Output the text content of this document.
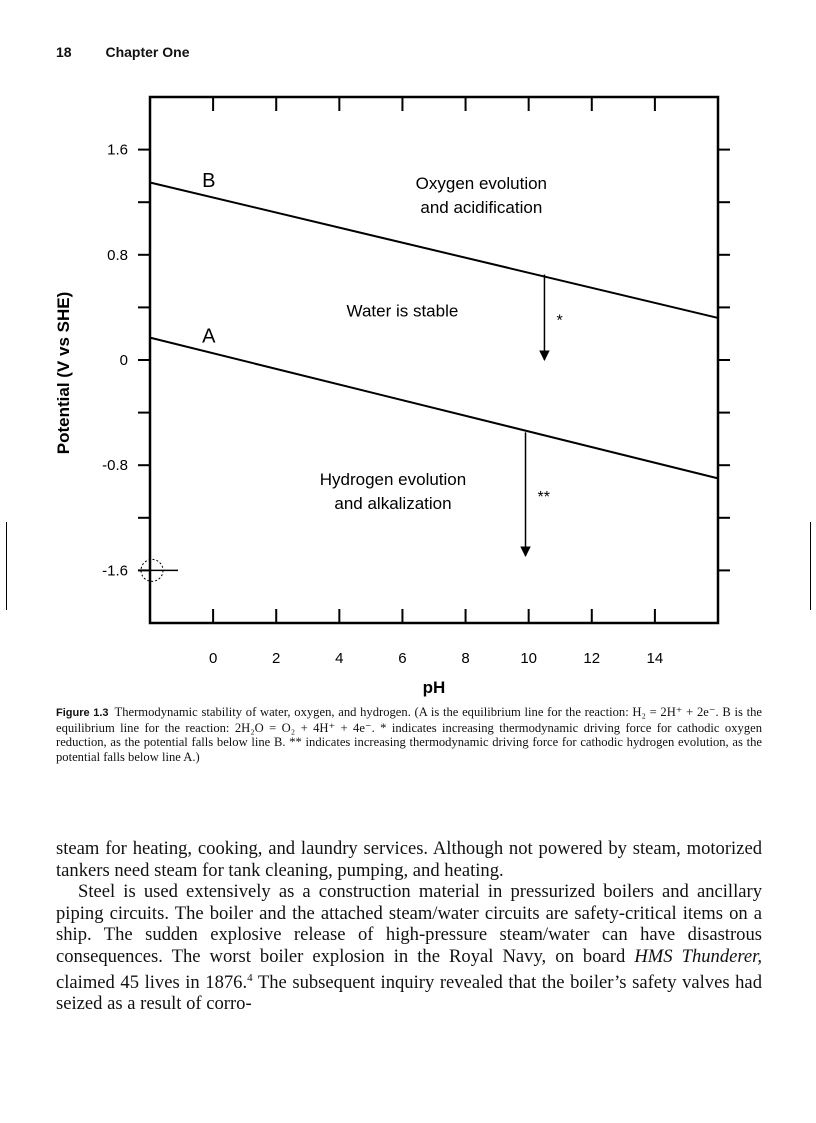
18 Chapter One
0	2	4	6	8	10	12	14
1.6
0.8
0
-0.8
-1.6
pH
Potential (V vs SHE)
B
A
*
**
Oxygen evolution
and acidification
Water is stable
Hydrogen evolution
and alkalization
Figure 1.3 Thermodynamic stability of water, oxygen, and hydrogen. (A is the equilibrium line for the reaction: H₂ = 2H⁺ + 2e⁻. B is the equilibrium line for the reaction: 2H₂O = O₂ + 4H⁺ + 4e⁻. * indicates increasing thermodynamic driving force for cathodic oxygen reduction, as the potential falls below line B. ** indicates increasing thermodynamic driving force for cathodic hydrogen evolution, as the potential falls below line A.)

steam for heating, cooking, and laundry services. Although not powered by steam, motorized tankers need steam for tank cleaning, pumping, and heating.

Steel is used extensively as a construction material in pressurized boilers and ancillary piping circuits. The boiler and the attached steam/water circuits are safety-critical items on a ship. The sudden explosive release of high-pressure steam/water can have disastrous consequences. The worst boiler explosion in the Royal Navy, on board HMS Thunderer, claimed 45 lives in 1876.$^4$ The subsequent inquiry revealed that the boiler’s safety valves had seized as a result of corro-
